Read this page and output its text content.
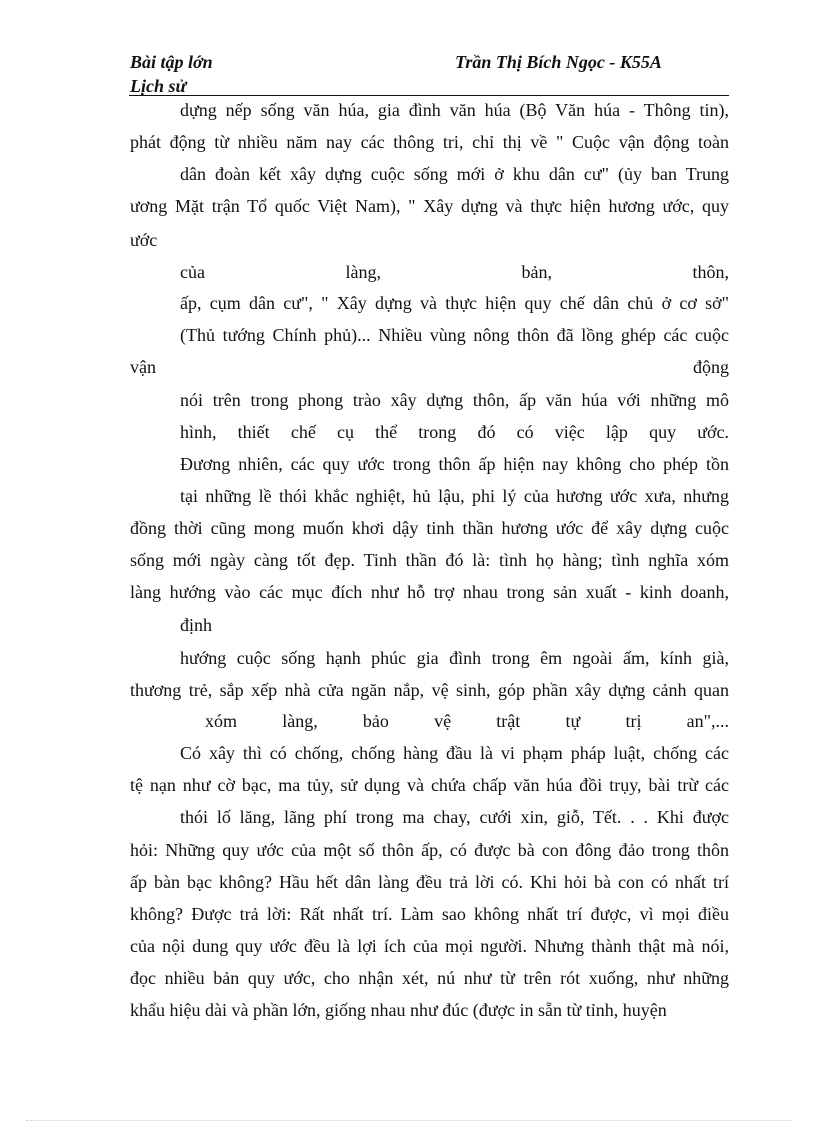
Bài tập lớn
Lịch sử
Trần Thị Bích Ngọc - K55A
dựng nếp sống văn húa, gia đình văn húa (Bộ Văn húa - Thông tin),
phát động từ nhiều năm nay các thông tri, chỉ thị về " Cuộc vận động toàn
dân đoàn kết xây dựng cuộc sống mới ở khu dân cư" (ủy ban Trung
ương Mặt trận Tổ quốc Việt Nam), " Xây dựng và thực hiện hương ước, quy
ước
của làng, bản, thôn,
ấp, cụm dân cư", " Xây dựng và thực hiện quy chế dân chủ ở cơ sở"
(Thủ tướng Chính phủ)... Nhiều vùng nông thôn đã lồng ghép các cuộc
vận động
nói trên trong phong trào xây dựng thôn, ấp văn húa với những mô
hình, thiết chế cụ thể trong đó có việc lập quy ước.
Đương nhiên, các quy ước trong thôn ấp hiện nay không cho phép tồn
tại những lề thói khắc nghiệt, hủ lậu, phi lý của hương ước xưa, nhưng
đồng thời cũng mong muốn khơi dậy tinh thần hương ước để xây dựng cuộc
sống mới ngày càng tốt đẹp. Tinh thần đó là: tình họ hàng; tình nghĩa xóm
làng hướng vào các mục đích như hỗ trợ nhau trong sản xuất - kinh doanh,
định
hướng cuộc sống hạnh phúc gia đình trong êm ngoài ấm, kính già,
thương trẻ, sắp xếp nhà cửa ngăn nắp, vệ sinh, góp phần xây dựng cảnh quan
xóm làng, bảo vệ trật tự trị an",...
Có xây thì có chống, chống hàng đầu là vi phạm pháp luật, chống các
tệ nạn như cờ bạc, ma tủy, sử dụng và chứa chấp văn húa đồi trụy, bài trừ các
thói lố lăng, lãng phí trong ma chay, cưới xin, giỗ, Tết. . . Khi được
hỏi: Những quy ước của một số thôn ấp, có được bà con đông đảo trong thôn
ấp bàn bạc không? Hầu hết dân làng đều trả lời có. Khi hỏi bà con có nhất trí
không? Được trả lời: Rất nhất trí. Làm sao không nhất trí được, vì mọi điều
của nội dung quy ước đều là lợi ích của mọi người. Nhưng thành thật mà nói,
đọc nhiều bản quy ước, cho nhận xét, nú như từ trên rót xuống, như những
khẩu hiệu dài và phần lớn, giống nhau như đúc (được in sẵn từ tỉnh, huyện
